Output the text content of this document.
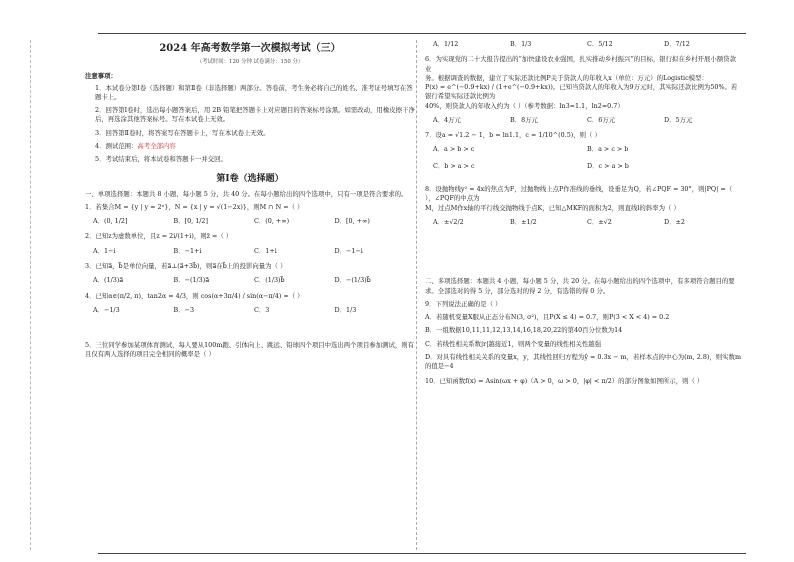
2024 年高考数学第一次模拟考试（三）
（考试时间：120 分钟 试卷满分：150 分）
注意事项：
1．本试卷分第Ⅰ卷（选择题）和第Ⅱ卷（非选择题）两部分。答卷前，考生务必将自己的姓名、准考证号填写在答题卡上。
2．回答第Ⅰ卷时，选出每小题答案后，用 2B 铅笔把答题卡上对应题目的答案标号涂黑。如需改动，用橡皮擦干净后，再选涂其他答案标号。写在本试卷上无效。
3．回答第Ⅱ卷时，将答案写在答题卡上，写在本试卷上无效。
4．测试范围：高考全部内容
5．考试结束后，将本试卷和答题卡一并交回。
第Ⅰ卷（选择题）
一、单项选择题：本题共 8 小题，每小题 5 分，共 40 分。在每小题给出的四个选项中，只有一项是符合要求的。
1．若集合M = {y | y = 2ˣ}，N = {x | y = √(1−2x)}，则M ∩ N =（ ）
A．(0, 1/2]	B．[0, 1/2]	C．(0, +∞)	D．[0, +∞)
2．已知z为虚数单位，且z = 2i/(1+i)，则z̄ =（ ）
A．1−i	B．−1+i	C．1+i	D．−1−i
3．已知a⃗，b⃗是单位向量，若a⃗⊥(a⃗+3b⃗)，则a⃗在b⃗上的投影向量为（ ）
A．(1/3)a⃗	B．−(1/3)a⃗	C．(1/3)b⃗	D．−(1/3)b⃗
4．已知α∈(π/2, π)，tan2α = 4/3，则 cos(α+3π/4) / sin(α−π/4) =（ ）
A．−1/3	B．−3	C．3	D．1/3
5．三位同学参加某项体育测试，每人要从100m跑、引体向上、跳远、铅球四个项目中选出两个项目参加测试，则有且仅有两人选择的项目完全相同的概率是（ ）
A．1/12	B．1/3	C．5/12	D．7/12
6．为实现党的二十大报告提出的“加快建设农业强国，扎实推动乡村振兴”的目标，银行拟在乡村开展小额贷款业
务。根据调查的数据，建立了实际还款比例P关于贷款人的年收入x（单位：万元）的Logistic模型：
P(x) = e^(−0.9+kx) / (1+e^(−0.9+kx))。已知当贷款人的年收入为9万元时，其实际还款比例为50%。若银行希望实际还款比例为
40%，则贷款人的年收入约为（ ）（参考数据：ln3≈1.1，ln2≈0.7）
A．4万元	B．8万元	C．6万元	D．5万元
7．设a = √1.2 − 1，b = ln1.1，c = 1/10^(0.5)，则（ ）
A．a > b > c	B．a > c > b
C．b > a > c	D．c > a > b
8．设抛物线y² = 4x的焦点为F，过抛物线上点P作准线的垂线，设垂足为Q，若∠PQF = 30°，则|PQ| =（ ），∠PQF的中点为
M，过点M作x轴的平行线交抛物线于点K，已知△MKF的面积为2，则直线l的斜率为（ ）
A．±√2/2	B．±1/2	C．±√2	D．±2
二、多项选择题：本题共 4 小题，每小题 5 分，共 20 分。在每小题给出的四个选项中，有多项符合题目的要求。全部选对的得 5 分，部分选对的得 2 分，有选错的得 0 分。
9．下列说法正确的是（ ）
A．若随机变量X服从正态分布N(3, σ²)，且P(X ≤ 4) = 0.7，则P(3 < X < 4) = 0.2
B．一组数据10,11,11,12,13,14,16,18,20,22的第40百分位数为14
C．若线性相关系数|r|越接近1，则两个变量的线性相关性越强
D．对具有线性相关关系的变量x，y，其线性回归方程为ŷ = 0.3x − m，若样本点的中心为(m, 2.8)，则实数m的值是−4
10．已知函数f(x) = Asin(ωx + φ)（A > 0，ω > 0，|φ| < π/2）的部分图象如图所示，则（ ）
